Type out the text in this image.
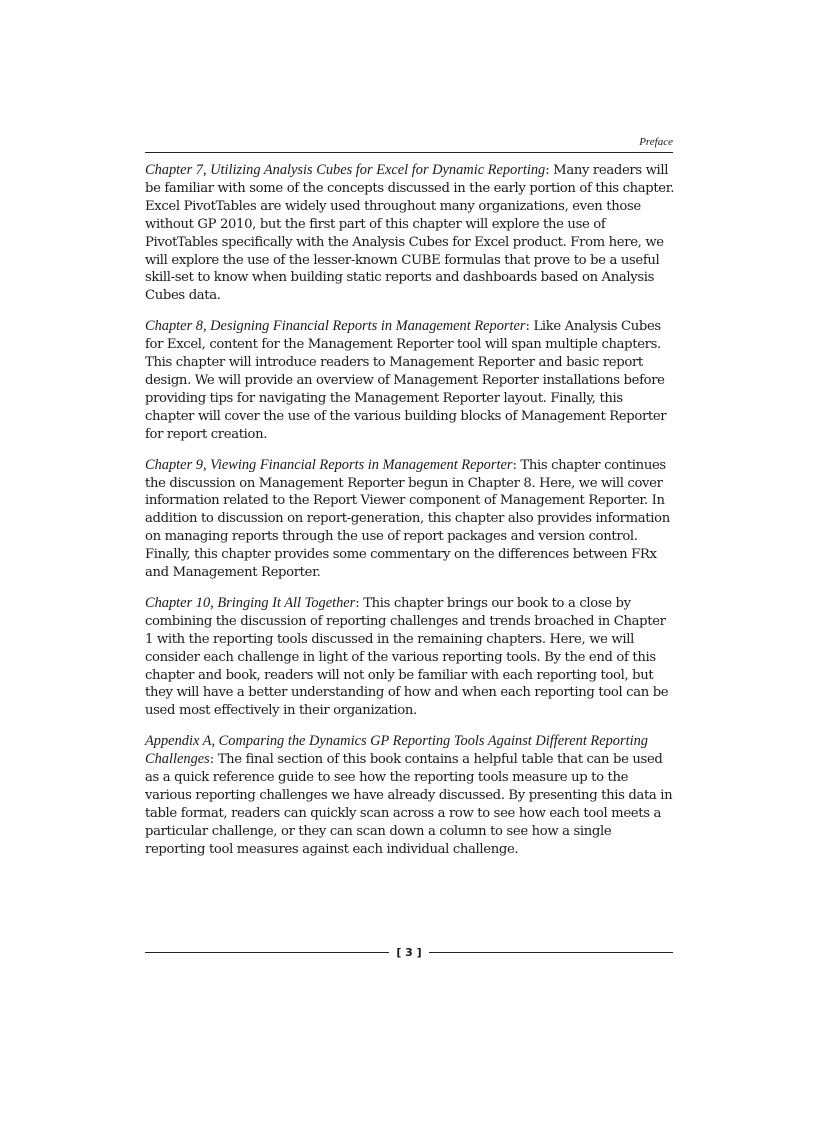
Preface

Chapter 7, Utilizing Analysis Cubes for Excel for Dynamic Reporting: Many readers will be familiar with some of the concepts discussed in the early portion of this chapter. Excel PivotTables are widely used throughout many organizations, even those without GP 2010, but the first part of this chapter will explore the use of PivotTables specifically with the Analysis Cubes for Excel product. From here, we will explore the use of the lesser-known CUBE formulas that prove to be a useful skill-set to know when building static reports and dashboards based on Analysis Cubes data.

Chapter 8, Designing Financial Reports in Management Reporter: Like Analysis Cubes for Excel, content for the Management Reporter tool will span multiple chapters. This chapter will introduce readers to Management Reporter and basic report design. We will provide an overview of Management Reporter installations before providing tips for navigating the Management Reporter layout. Finally, this chapter will cover the use of the various building blocks of Management Reporter for report creation.

Chapter 9, Viewing Financial Reports in Management Reporter: This chapter continues the discussion on Management Reporter begun in Chapter 8. Here, we will cover information related to the Report Viewer component of Management Reporter. In addition to discussion on report-generation, this chapter also provides information on managing reports through the use of report packages and version control. Finally, this chapter provides some commentary on the differences between FRx and Management Reporter.

Chapter 10, Bringing It All Together: This chapter brings our book to a close by combining the discussion of reporting challenges and trends broached in Chapter 1 with the reporting tools discussed in the remaining chapters. Here, we will consider each challenge in light of the various reporting tools. By the end of this chapter and book, readers will not only be familiar with each reporting tool, but they will have a better understanding of how and when each reporting tool can be used most effectively in their organization.

Appendix A, Comparing the Dynamics GP Reporting Tools Against Different Reporting Challenges: The final section of this book contains a helpful table that can be used as a quick reference guide to see how the reporting tools measure up to the various reporting challenges we have already discussed. By presenting this data in table format, readers can quickly scan across a row to see how each tool meets a particular challenge, or they can scan down a column to see how a single reporting tool measures against each individual challenge.

[ 3 ]
